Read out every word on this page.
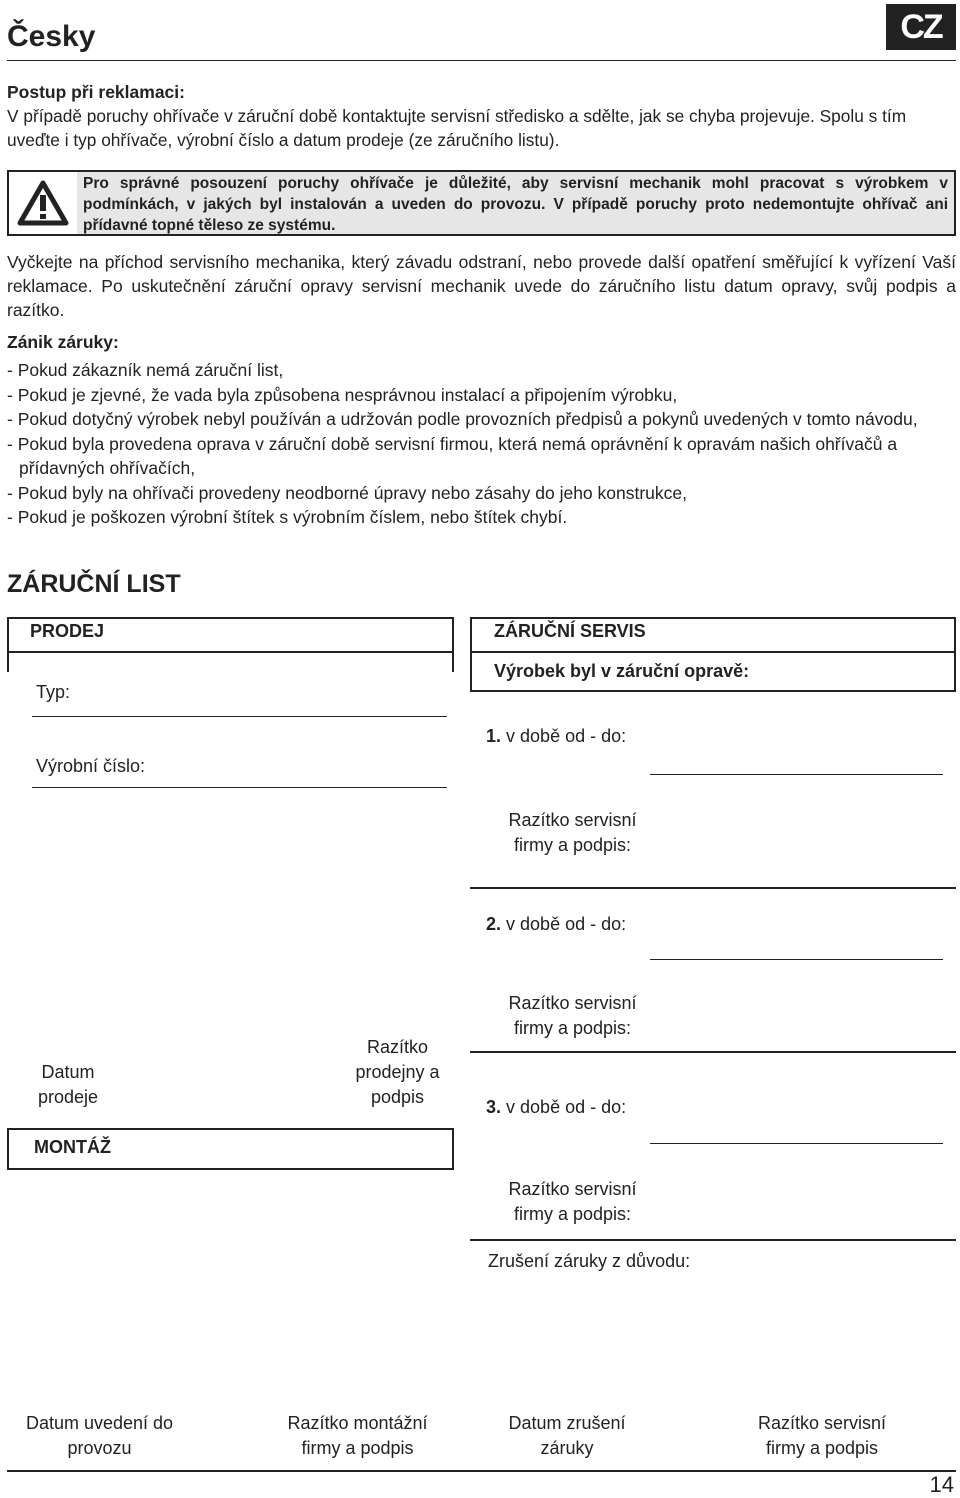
Česky	CZ
Postup při reklamaci:
V případě poruchy ohřívače v záruční době kontaktujte servisní středisko a sdělte, jak se chyba projevuje. Spolu s tím uveďte i typ ohřívače, výrobní číslo a datum prodeje (ze záručního listu).
Pro správné posouzení poruchy ohřívače je důležité, aby servisní mechanik mohl pracovat s výrobkem v podmínkách, v jakých byl instalován a uveden do provozu. V případě poruchy proto nedemontujte ohřívač ani přídavné topné těleso ze systému.
Vyčkejte na příchod servisního mechanika, který závadu odstraní, nebo provede další opatření směřující k vyřízení Vaší reklamace. Po uskutečnění záruční opravy servisní mechanik uvede do záručního listu datum opravy, svůj podpis a razítko.
Zánik záruky:
- Pokud zákazník nemá záruční list,
- Pokud je zjevné, že vada byla způsobena nesprávnou instalací a připojením výrobku,
- Pokud dotyčný výrobek nebyl používán a udržován podle provozních předpisů a pokynů uvedených v tomto návodu,
- Pokud byla provedena oprava v záruční době servisní firmou, která nemá oprávnění k opravám našich ohřívačů a přídavných ohřívačích,
- Pokud byly na ohřívači provedeny neodborné úpravy nebo zásahy do jeho konstrukce,
- Pokud je poškozen výrobní štítek s výrobním číslem, nebo štítek chybí.
ZÁRUČNÍ LIST
PRODEJ
Typ:
Výrobní číslo:
Datum prodeje
Razítko prodejny a podpis
MONTÁŽ
ZÁRUČNÍ SERVIS
Výrobek byl v záruční opravě:
1. v době od - do:
Razítko servisní firmy a podpis:
2. v době od - do:
Razítko servisní firmy a podpis:
3. v době od - do:
Razítko servisní firmy a podpis:
Zrušení záruky z důvodu:
Datum uvedení do provozu
Razítko montážní firmy a podpis
Datum zrušení záruky
Razítko servisní firmy a podpis
14
